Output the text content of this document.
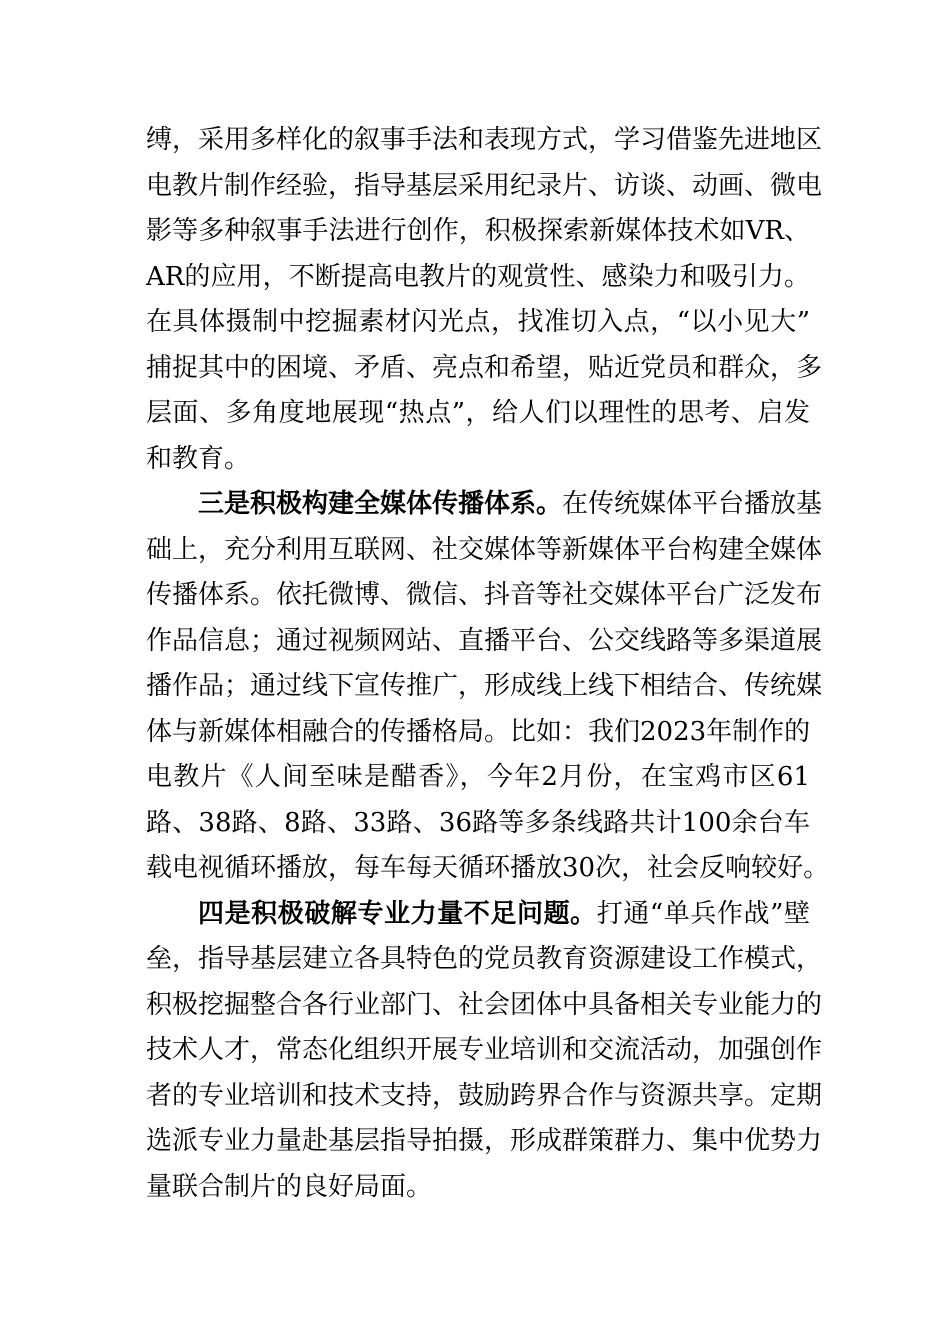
缚，采用多样化的叙事手法和表现方式，学习借鉴先进地区
电教片制作经验，指导基层采用纪录片、访谈、动画、微电
影等多种叙事手法进行创作，积极探索新媒体技术如VR、
AR的应用，不断提高电教片的观赏性、感染力和吸引力。
在具体摄制中挖掘素材闪光点，找准切入点，“以小见大”
捕捉其中的困境、矛盾、亮点和希望，贴近党员和群众，多
层面、多角度地展现“热点”，给人们以理性的思考、启发
和教育。
三是积极构建全媒体传播体系。在传统媒体平台播放基
础上，充分利用互联网、社交媒体等新媒体平台构建全媒体
传播体系。依托微博、微信、抖音等社交媒体平台广泛发布
作品信息；通过视频网站、直播平台、公交线路等多渠道展
播作品；通过线下宣传推广，形成线上线下相结合、传统媒
体与新媒体相融合的传播格局。比如：我们2023年制作的
电教片《人间至味是醋香》，今年2月份，在宝鸡市区61
路、38路、8路、33路、36路等多条线路共计100余台车
载电视循环播放，每车每天循环播放30次，社会反响较好。
四是积极破解专业力量不足问题。打通“单兵作战”壁
垒，指导基层建立各具特色的党员教育资源建设工作模式，
积极挖掘整合各行业部门、社会团体中具备相关专业能力的
技术人才，常态化组织开展专业培训和交流活动，加强创作
者的专业培训和技术支持，鼓励跨界合作与资源共享。定期
选派专业力量赴基层指导拍摄，形成群策群力、集中优势力
量联合制片的良好局面。
